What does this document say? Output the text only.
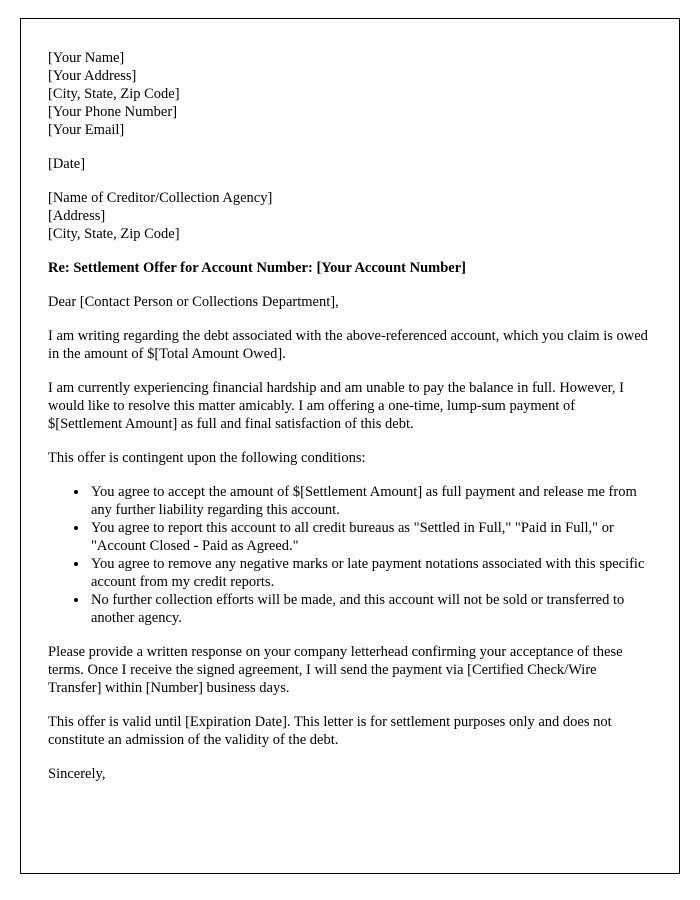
[Your Name]
[Your Address]
[City, State, Zip Code]
[Your Phone Number]
[Your Email]
[Date]
[Name of Creditor/Collection Agency]
[Address]
[City, State, Zip Code]
Re: Settlement Offer for Account Number: [Your Account Number]
Dear [Contact Person or Collections Department],
I am writing regarding the debt associated with the above-referenced account, which you claim is owed in the amount of $[Total Amount Owed].
I am currently experiencing financial hardship and am unable to pay the balance in full. However, I would like to resolve this matter amicably. I am offering a one-time, lump-sum payment of $[Settlement Amount] as full and final satisfaction of this debt.
This offer is contingent upon the following conditions:
• You agree to accept the amount of $[Settlement Amount] as full payment and release me from any further liability regarding this account.
• You agree to report this account to all credit bureaus as "Settled in Full," "Paid in Full," or "Account Closed - Paid as Agreed."
• You agree to remove any negative marks or late payment notations associated with this specific account from my credit reports.
• No further collection efforts will be made, and this account will not be sold or transferred to another agency.
Please provide a written response on your company letterhead confirming your acceptance of these terms. Once I receive the signed agreement, I will send the payment via [Certified Check/Wire Transfer] within [Number] business days.
This offer is valid until [Expiration Date]. This letter is for settlement purposes only and does not constitute an admission of the validity of the debt.
Sincerely,
